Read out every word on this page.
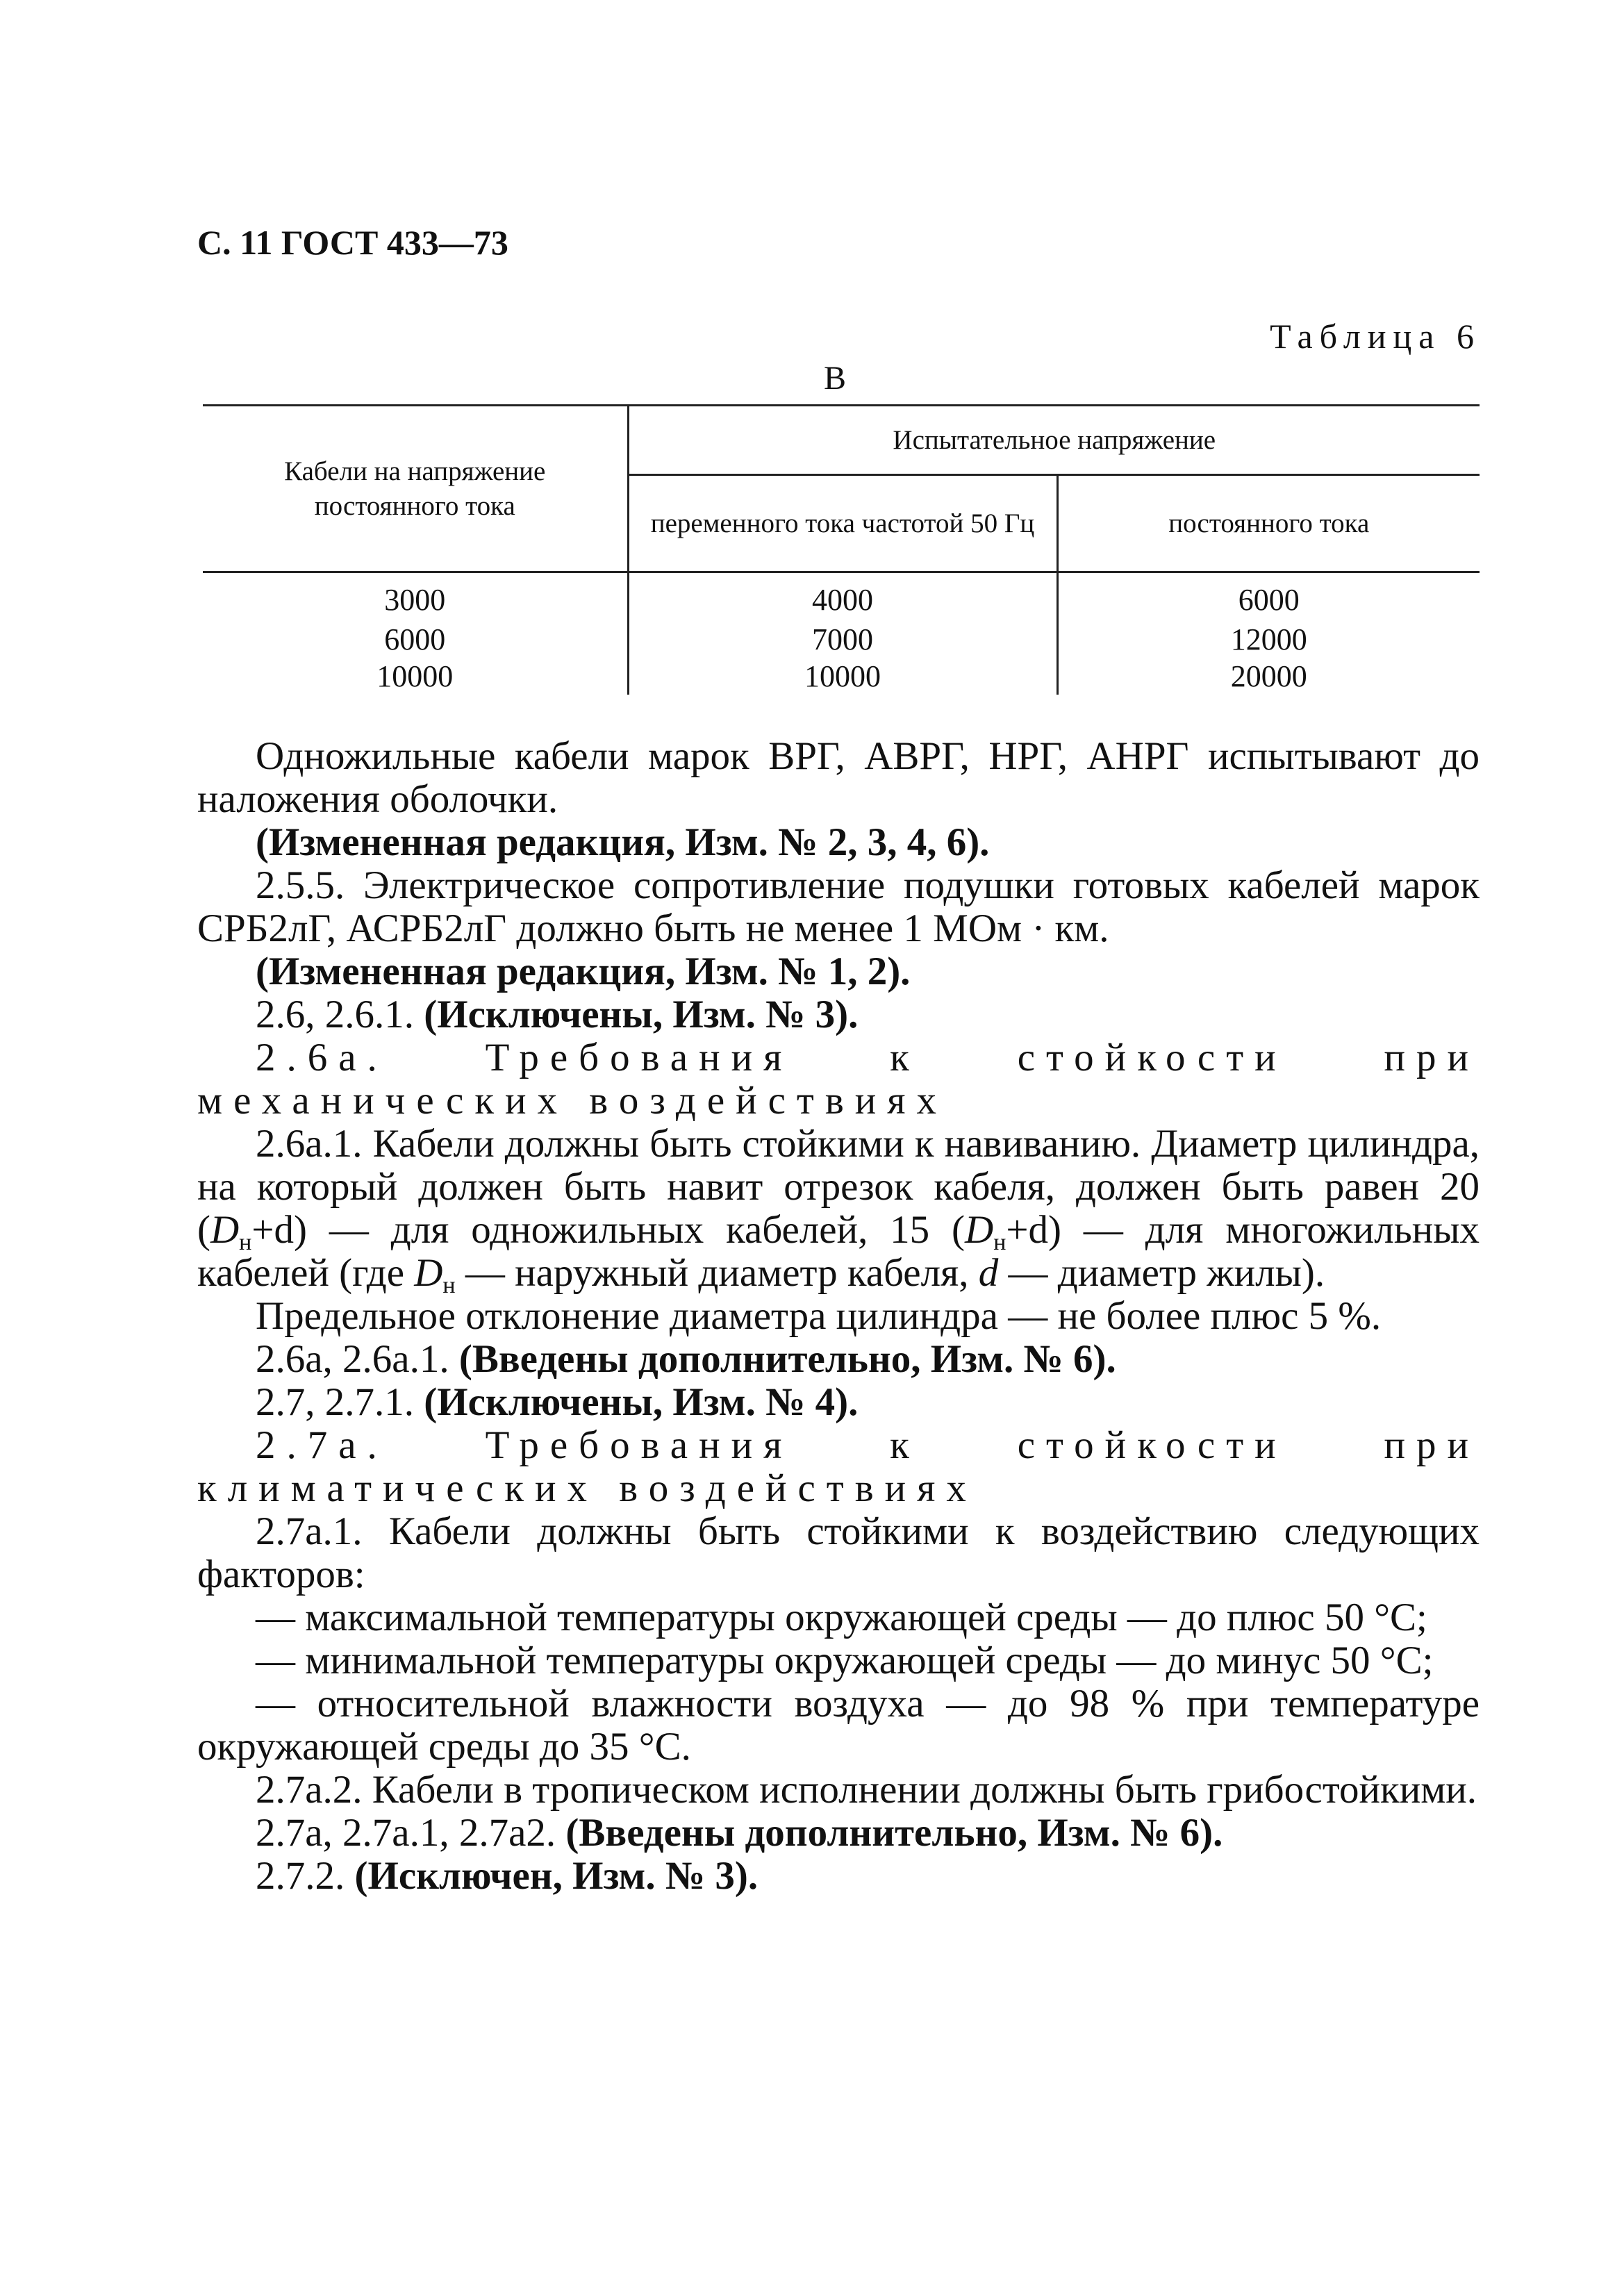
С. 11 ГОСТ 433—73
Таблица 6
В
Кабели на напряжение постоянного тока	Испытательное напряжение	
	переменного тока частотой 50 Гц	постоянного тока
3000	4000	6000
6000	7000	12000
10000	10000	20000
Одножильные кабели марок ВРГ, АВРГ, НРГ, АНРГ испытывают до наложения оболочки.
(Измененная редакция, Изм. № 2, 3, 4, 6).
2.5.5. Электрическое сопротивление подушки готовых кабелей марок СРБ2лГ, АСРБ2лГ должно быть не менее 1 МОм · км.
(Измененная редакция, Изм. № 1, 2).
2.6, 2.6.1. (Исключены, Изм. № 3).
2.6а. Требования к стойкости при механических воздействиях
2.6а.1. Кабели должны быть стойкими к навиванию. Диаметр цилиндра, на который должен быть навит отрезок кабеля, должен быть равен 20 $(D_н+d)$ — для одножильных кабелей, 15 $(D_н+d)$ — для многожильных кабелей (где $D_н$ — наружный диаметр кабеля, d — диаметр жилы).
Предельное отклонение диаметра цилиндра — не более плюс 5 %.
2.6а, 2.6а.1. (Введены дополнительно, Изм. № 6).
2.7, 2.7.1. (Исключены, Изм. № 4).
2.7а. Требования к стойкости при климатических воздействиях
2.7а.1. Кабели должны быть стойкими к воздействию следующих факторов:
— максимальной температуры окружающей среды — до плюс 50 °С;
— минимальной температуры окружающей среды — до минус 50 °С;
— относительной влажности воздуха — до 98 % при температуре окружающей среды до 35 °С.
2.7а.2. Кабели в тропическом исполнении должны быть грибостойкими.
2.7а, 2.7а.1, 2.7а2. (Введены дополнительно, Изм. № 6).
2.7.2. (Исключен, Изм. № 3).
